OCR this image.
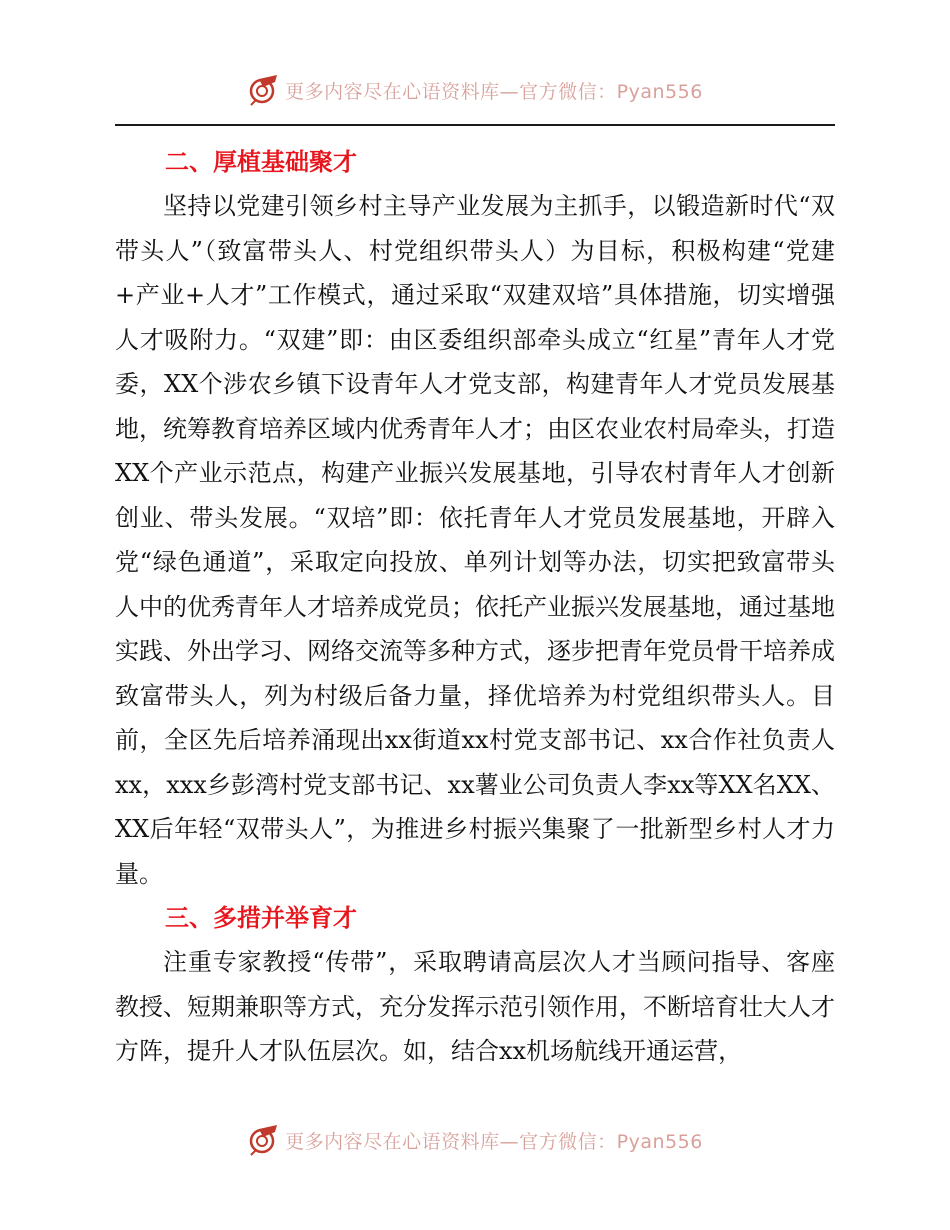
更多内容尽在心语资料库—官方微信：Pyan556
二、厚植基础聚才

坚持以党建引领乡村主导产业发展为主抓手，以锻造新时代“双带头人”（致富带头人、村党组织带头人）为目标，积极构建“党建+产业+人才”工作模式，通过采取“双建双培”具体措施，切实增强人才吸附力。“双建”即：由区委组织部牵头成立“红星”青年人才党委，XX个涉农乡镇下设青年人才党支部，构建青年人才党员发展基地，统筹教育培养区域内优秀青年人才；由区农业农村局牵头，打造XX个产业示范点，构建产业振兴发展基地，引导农村青年人才创新创业、带头发展。“双培”即：依托青年人才党员发展基地，开辟入党“绿色通道”，采取定向投放、单列计划等办法，切实把致富带头人中的优秀青年人才培养成党员；依托产业振兴发展基地，通过基地实践、外出学习、网络交流等多种方式，逐步把青年党员骨干培养成致富带头人，列为村级后备力量，择优培养为村党组织带头人。目前，全区先后培养涌现出xx街道xx村党支部书记、xx合作社负责人xx，xxx乡彭湾村党支部书记、xx薯业公司负责人李xx等XX名XX、XX后年轻“双带头人”，为推进乡村振兴集聚了一批新型乡村人才力量。

三、多措并举育才

注重专家教授“传带”，采取聘请高层次人才当顾问指导、客座教授、短期兼职等方式，充分发挥示范引领作用，不断培育壮大人才方阵，提升人才队伍层次。如，结合xx机场航线开通运营，

更多内容尽在心语资料库—官方微信：Pyan556
